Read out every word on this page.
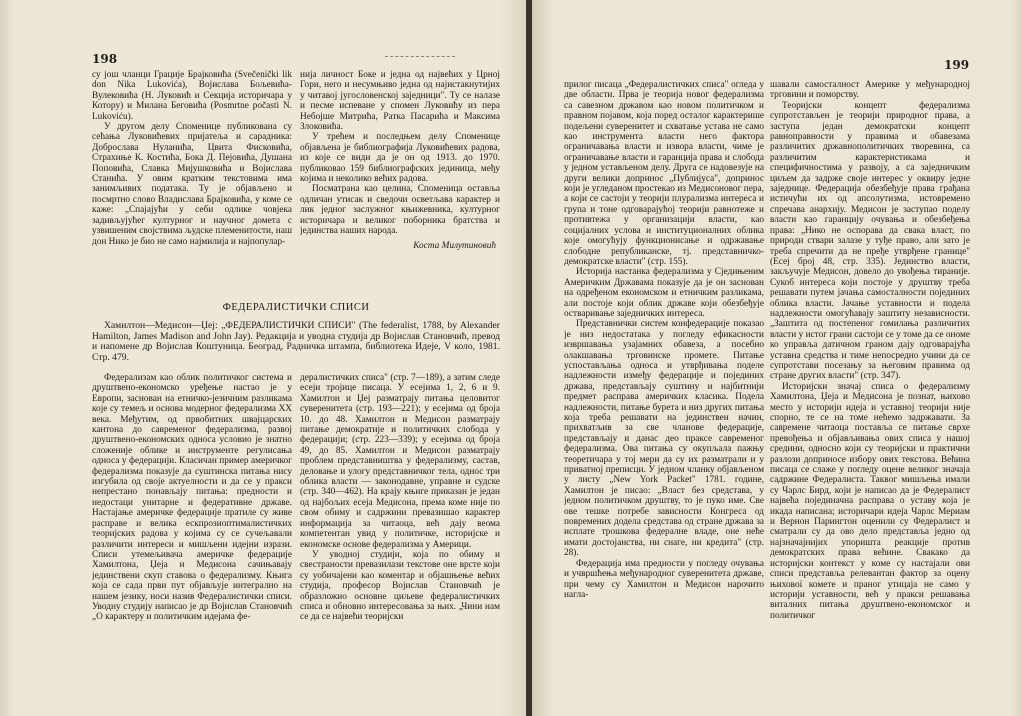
198	199

су још чланци Грације Брајковића (Svečenički lik don Nika Lukovića), Војислава Бољевића-Вулековића (Н. Луковић и Секција историчара у Которy) и Милана Беговића (Posmrtne počasti N. Lukoviću).

У другом делу Споменице публикована су сећања Луковићевих пријатеља и сарадника: Доброслава Нуланића, Цвита Фисковића, Страхиње К. Костића, Бока Д. Пејовића, Душана Поповића, Славка Мијушковића и Војислава Станића. У овим кратким текстовима има занимљивих података. Ту је објављено и посмртно слово Владислава Брајковића, у коме се каже: „Спајајући у себи одлике човјека задивљујућег културног и научног домета с узвишеним својствима људске племенитости, наш дон Нико је био не само најмилија и најпопулар-

нија личност Боке и једна од највећих у Црној Гори, него и несумњиво једна од најистакнутијих у читавој југословенској заједници". Ту се налазе и песме испеване у спомен Луковићу из пера Небојше Митрића, Ратка Пасарића и Максима Злоковића.

У трећем и последњем делу Споменице објављена је библиографија Луковићевих радова, из које се види да је он од 1913. до 1970. публиковао 159 библиографских јединица, међу којима и неколико већих радова.

Посматрана као целина, Споменица оставља одличан утисак и сведочи осветљава карактер и лик једног заслужног књижевника, културног историчара и великог поборника братства и јединства наших народа.

Коста Милутиновић

ФЕДЕРАЛИСТИЧКИ СПИСИ
Хамилтон—Медисон—Џеј: „ФЕДЕРАЛИСТИЧКИ СПИСИ" (The federalist, 1788, by Alexander Hamilton, James Madison and John Jay). Редакција и уводна студија др Војислав Становчић, превод и напомене др Војислав Коштуница. Београд, Радничка штампа, библиотека Идеје, V коло, 1981. Стр. 479.

Федерализам као облик политичког система и друштвено-економско уређење настао је у Европи, заснован на етничко-језичним разликама које су темељ и основа модерног федерализма XX века. Међутим, од првобитних швајцарских кантона до савременог федерализма, развој друштвено-економских односа условио је знатно сложеније облике и инструменте регулисања односа у федерацији. Класичан пример америчког федерализма показује да суштинска питања нису изгубила од своје актуелности и да се у пракси непрестано понављају питања: предности и недостаци унитарне и федеративне државе. Настајање америчке федерације пратиле су живе расправе и велика ескпрозиоптималистичких теоријских радова у којима су се сучељавали различити интереси и мишљени идејни изрази. Списи утемељивача америчке федерације Хамилтона, Џеја и Медисона сачињавају јединствени скуп ставова о федерализму. Књига која се сада први пут објављује интегрално на нашем језику, носи назив Федералистички списи. Уводну студију написао је др Војислав Становчић „О карактеру и политичким идејама фе-

дералистичких списа" (стр. 7—189), а затим следе есеји тројице писаца. У есејима 1, 2, 6 и 9. Хамилтон и Џеј разматрају питања целовитог суверенитета (стр. 193—221); у есејима од броја 10. до 48. Хамилтон и Медисон разматрају питање демократије и политичких слобода у федерацији; (стр. 223—339); у есејима од броја 49, до 85. Хамилтон и Медисон разматрају проблем представништва у федерализму, састав, деловање и улогу представничког тела, однос три облика власти — законодавне, управне и судске (стр. 340—462). На крају књиге приказан је један од најбољих есеја Медисона, према коме није по свом обиму и садржини превазишао карактер информација за читаоца, већ дају веома компетентан увид у политичке, историјске и економске основе федерализма у Америци.

У уводној студији, која по обиму и свестраности превазилази текстове оне врсте који су уобичајени као коментар и објашњење већих студија, професор Војислав Становчић је образложио основне циљеве федералистичких списа и обновио интересовања за њих. „Чини нам се да се највећи теоријски

прилог писаца „Федералистичких списа" огледа у две области. Прва је теорија новог федерализма са савезном државом као новом политичком и правном појавом, која поред осталог карактерише подељени суверенитет и схватање устава не само као инструмента власти него фактора ограничавања власти и извора власти, чиме је ограничавање власти и гаранција права и слобода у једном устављеном делу. Друга се надовезује на други велики допринос „Публијуса", допринос који је угледаном простекао из Медисоновог пера, а који се састоји у теорији плурализма интереса и група и тоне одговарајућој теорији равнотеже и противтежа у организацији власти, као социјалних услова и институционалних облика које омогућују функционисање и одржавање слободне републиканске, тј. представничко-демократске власти" (стр. 155).

Историја настанка федерализма у Сједињеним Америчким Државама показује да је он заснован на одређеном економском и етничким разликама, али постоје који облик државе који обезбеђује остваривање заједничких интереса.

Представнички систем конфедерације показао је низ недостатака у погледу ефикасности извршавања узајамних обавеза, а посебно олакшавања трговинске промете. Питање успостављања односа и утврђивања поделе надлежности између федерације и појединих држава, представљају суштину и најбитнији предмет расправа америчких класика. Подела надлежности, питање бурета и низ других питања која треба решавати на јединствен начин, прихватљив за све чланове федерације, представљају и данас део праксе савременог федерализма. Ова питања су окупљала пажњу теоретичара у тој мери да су их разматрали и у приватној преписци. У једном чланку објављеном у листу „New York Packet" 1781. године, Хамилтон је писао: „Власт без средстава, у једном политичком друштву, то је пуко име. Све ове тешке потребе зависности Конгреса од повремених додела средстава од стране држава за исплате трошкова федералне владе, оне неће имати достојанства, ни снаге, ни кредита" (стр. 28).

Федерација има предности у погледу очувања и учвршћења међународног суверенитета државе, при чему су Хамилтон и Медисон нарочито нагла-

шавали самосталност Америке у међународној трговини и поморству.

Теоријски концепт федерализма супротстављен је теорији природног права, а заступа један демократски концепт равноправности у правима и обавезама различитих државнополитичких творевина, са различитим карактеристикама и специфичностима у развоју, а са заједничким циљем да задрже своје интерес у оквиру једне заједнице. Федерација обезбеђује права грађана истичући их од апсолутизма, истовремено спречава анархију. Медисон је заступао поделу власти као гаранцију очувања и обезбеђења права: „Нико не оспорава да свака власт, по природи ствари залазе у туђе право, али зато је треба спречити да не пређе утврђене границе" (Есеј број 48, стр. 335). Јединство власти, закључује Медисон, довело до увођења тираније. Сукоб интереса који постоје у друштву треба решавати путем јачања самосталности појединих облика власти. Јачање уставности и подела надлежности омогућавају заштиту независности. „Заштита од постепеног гомилања различитих власти у истог грани састоји се у томе да се ономе ко управља датичном граном дају одговарајућа уставна средства и тиме непосредно учини да се супротстави посезању за његовим правима од стране других власти" (стр. 347).

Историјски значај списа о федерализму Хамилтона, Џеја и Медисона је познат, њихово место у историји идеја и уставној теорији није спорно, те се на томе нећемо задржавати. За савремене читаоца поставља се питање сврхе превођења и објављивања ових списа у нашој средини, односно који су теоријски и практични разлози доприносе избору ових текстова. Већина писаца се слаже у погледу оцене великог значаја садржине Федералиста. Таквог мишљења имали су Чарлс Бирд, који је написао да је Федералист највећа појединачна расправа о уставу која је икада написана; историчари идеја Чарлс Мериам и Вернон Парингтон оценили су Федералист и сматрали су да ово дело представља једно од најзначајнијих упоришта реакције против демократских права већине. Свакако да историјски контекст у коме су настајали ови списи представља релевантан фактор за оцену њихової комете и праног утицаја не само у историји уставности, већ у пракси решавања виталних питања друштвено-економског и политичког
